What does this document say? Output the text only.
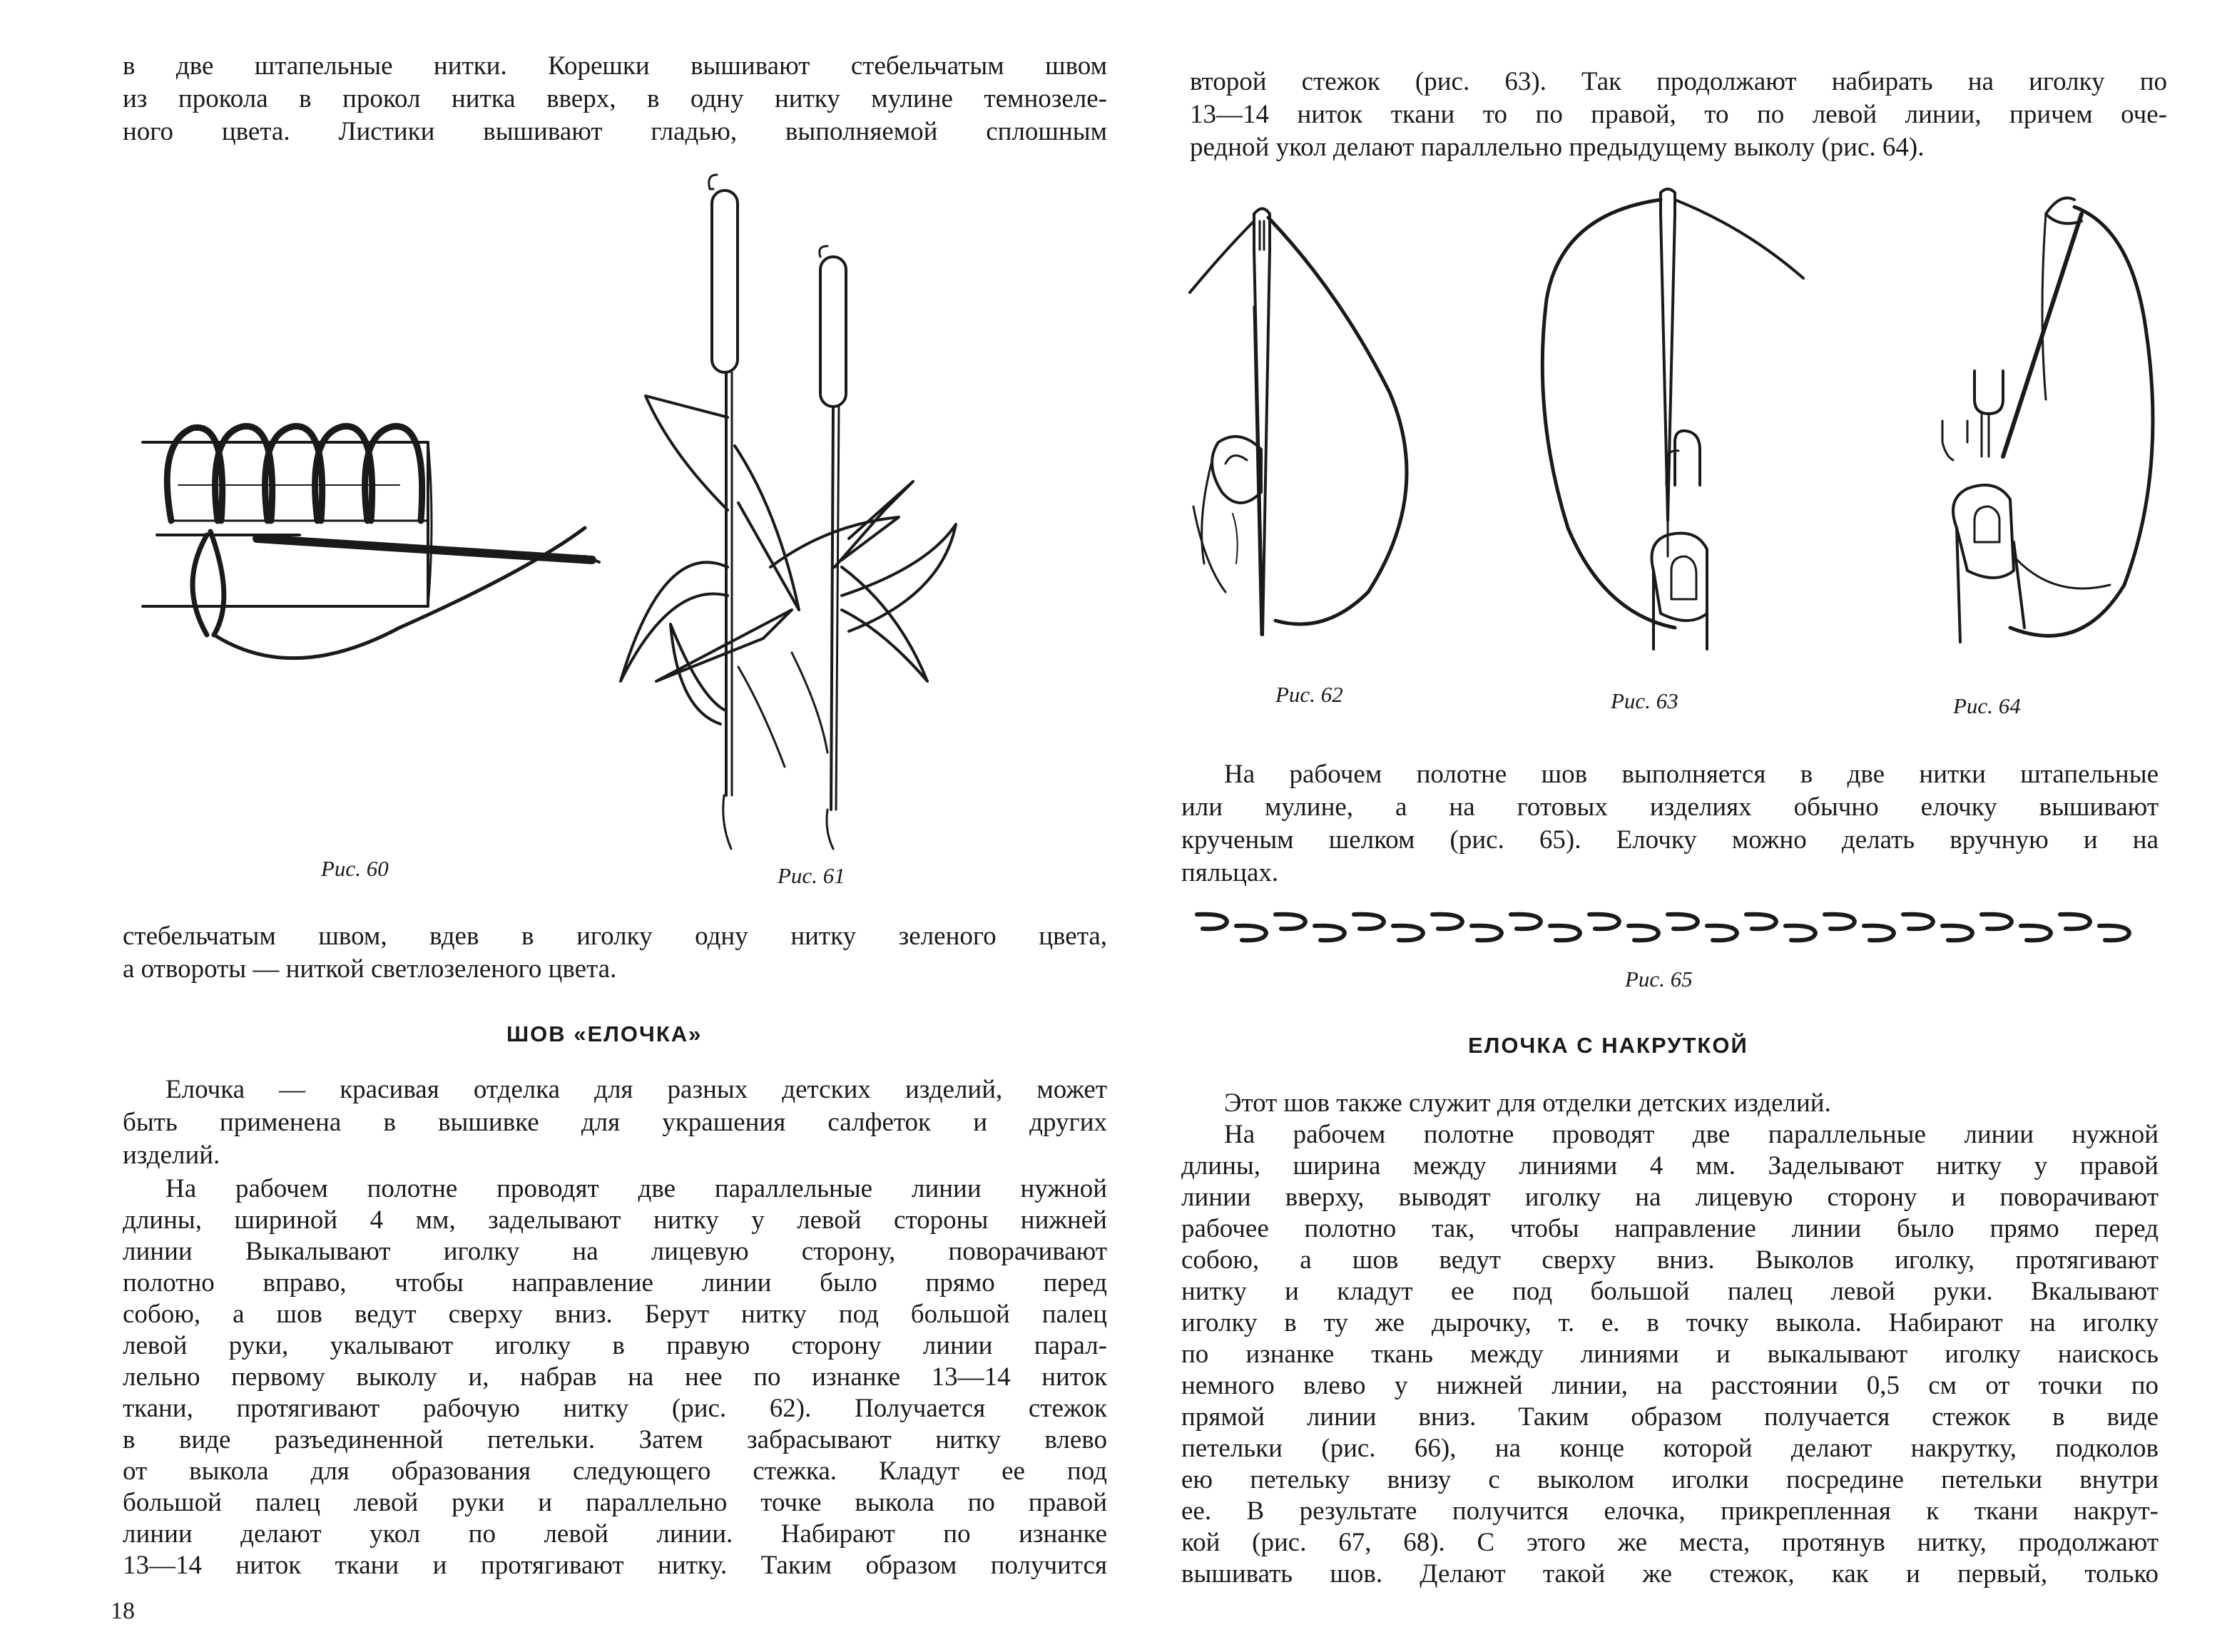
в две штапельные нитки. Корешки вышивают стебельчатым швом
из прокола в прокол нитка вверх, в одну нитку мулине темнозеле-
ного цвета. Листики вышивают гладью, выполняемой сплошным

Рис. 60	Рис. 61

стебельчатым швом, вдев в иголку одну нитку зеленого цвета,
а отвороты — ниткой светлозеленого цвета.

ШОВ «ЕЛОЧКА»

Елочка — красивая отделка для разных детских изделий, может
быть применена в вышивке для украшения салфеток и других
изделий.
На рабочем полотне проводят две параллельные линии нужной
длины, шириной 4 мм, заделывают нитку у левой стороны нижней
линии Выкалывают иголку на лицевую сторону, поворачивают
полотно вправо, чтобы направление линии было прямо перед
собою, а шов ведут сверху вниз. Берут нитку под большой палец
левой руки, укалывают иголку в правую сторону линии парал-
лельно первому выколу и, набрав на нее по изнанке 13—14 ниток
ткани, протягивают рабочую нитку (рис. 62). Получается стежок
в виде разъединенной петельки. Затем забрасывают нитку влево
от выкола для образования следующего стежка. Кладут ее под
большой палец левой руки и параллельно точке выкола по правой
линии делают укол по левой линии. Набирают по изнанке
13—14 ниток ткани и протягивают нитку. Таким образом получится

18

второй стежок (рис. 63). Так продолжают набирать на иголку по
13—14 ниток ткани то по правой, то по левой линии, причем оче-
редной укол делают параллельно предыдущему выколу (рис. 64).

Рис. 62	Рис. 63	Рис. 64

На рабочем полотне шов выполняется в две нитки штапельные
или мулине, а на готовых изделиях обычно елочку вышивают
крученым шелком (рис. 65). Елочку можно делать вручную и на
пяльцах.

Рис. 65

ЕЛОЧКА С НАКРУТКОЙ

Этот шов также служит для отделки детских изделий.
На рабочем полотне проводят две параллельные линии нужной
длины, ширина между линиями 4 мм. Заделывают нитку у правой
линии вверху, выводят иголку на лицевую сторону и поворачивают
рабочее полотно так, чтобы направление линии было прямо перед
собою, а шов ведут сверху вниз. Выколов иголку, протягивают
нитку и кладут ее под большой палец левой руки. Вкалывают
иголку в ту же дырочку, т. е. в точку выкола. Набирают на иголку
по изнанке ткань между линиями и выкалывают иголку наискось
немного влево у нижней линии, на расстоянии 0,5 см от точки по
прямой линии вниз. Таким образом получается стежок в виде
петельки (рис. 66), на конце которой делают накрутку, подколов
ею петельку внизу с выколом иголки посредине петельки внутри
ее. В результате получится елочка, прикрепленная к ткани накрут-
кой (рис. 67, 68). С этого же места, протянув нитку, продолжают
вышивать шов. Делают такой же стежок, как и первый, только
